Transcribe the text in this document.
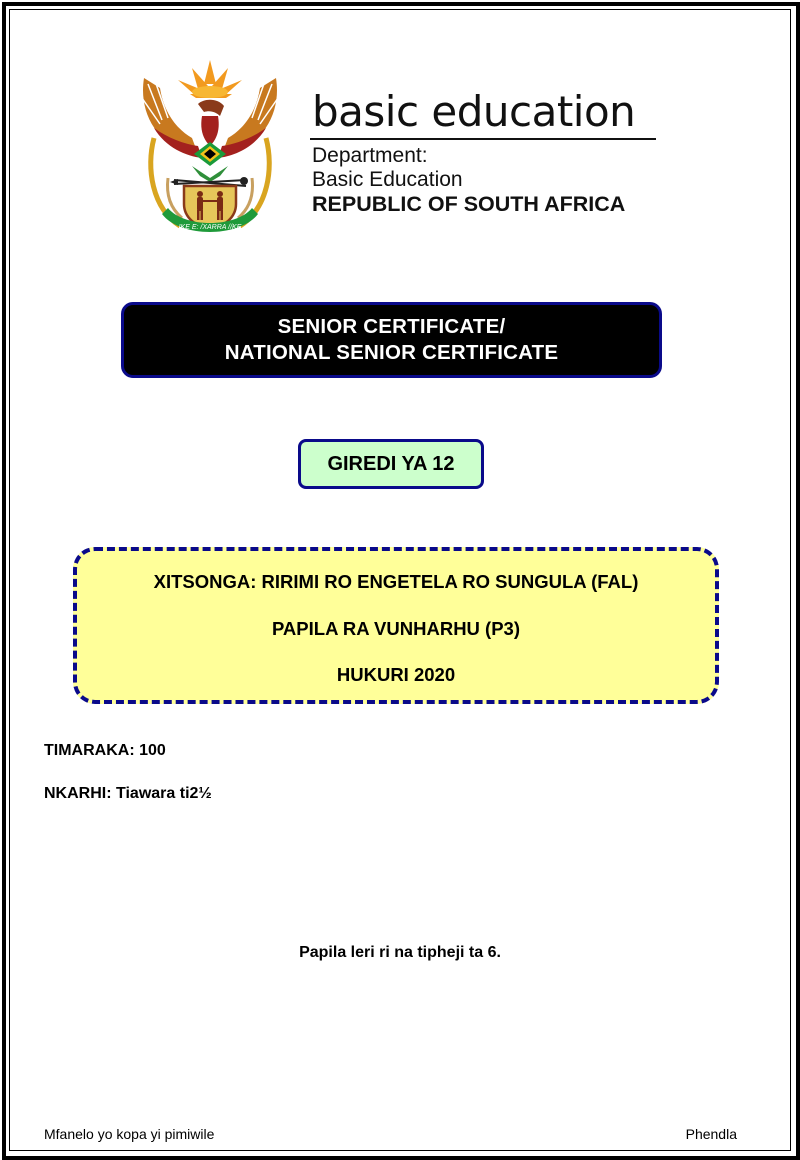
!KE E: /XARRA //KE
basic education
Department:
Basic Education
REPUBLIC OF SOUTH AFRICA
SENIOR CERTIFICATE/
NATIONAL SENIOR CERTIFICATE
GIREDI YA 12
XITSONGA: RIRIMI RO ENGETELA RO SUNGULA (FAL)
PAPILA RA VUNHARHU (P3)
HUKURI 2020
TIMARAKA: 100
NKARHI: Tiawara ti2½
Papila leri ri na tipheji ta 6.
Mfanelo yo kopa yi pimiwile	Phendla
